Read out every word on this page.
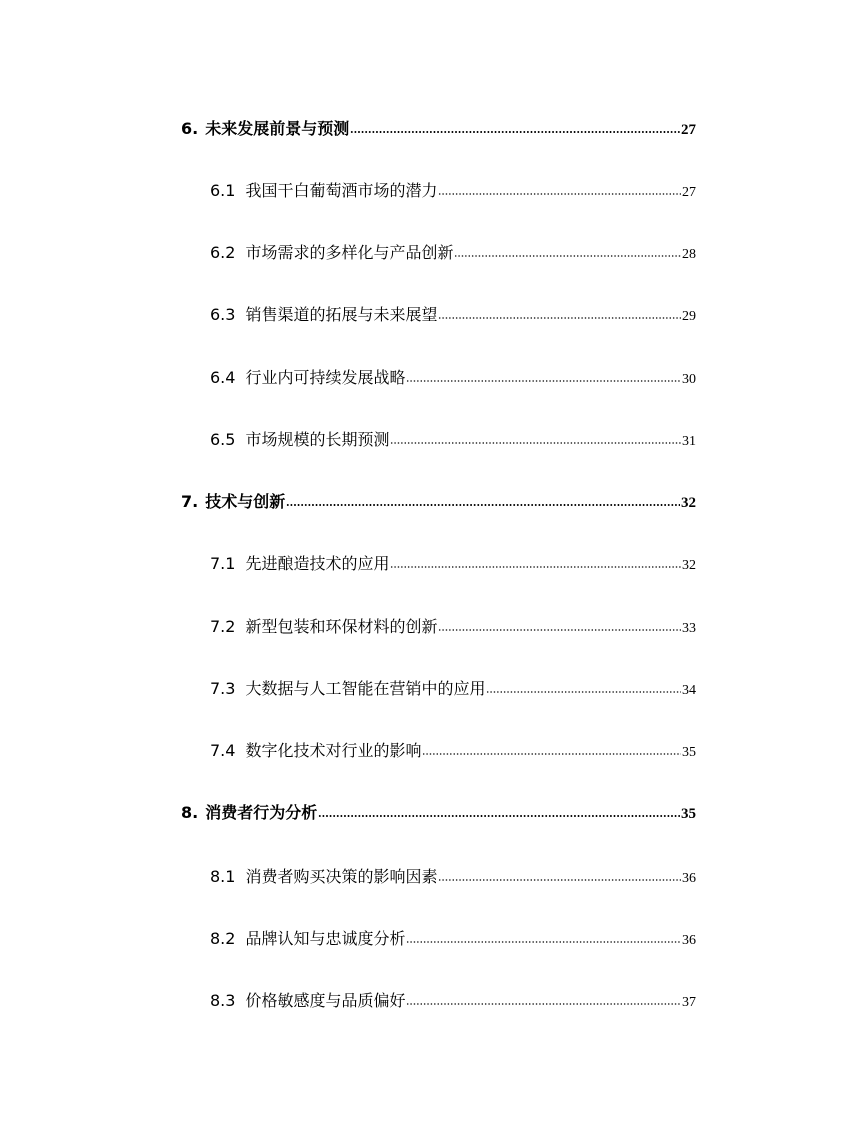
6. 未来发展前景与预测	27
6.1 我国干白葡萄酒市场的潜力	27
6.2 市场需求的多样化与产品创新	28
6.3 销售渠道的拓展与未来展望	29
6.4 行业内可持续发展战略	30
6.5 市场规模的长期预测	31
7. 技术与创新	32
7.1 先进酿造技术的应用	32
7.2 新型包装和环保材料的创新	33
7.3 大数据与人工智能在营销中的应用	34
7.4 数字化技术对行业的影响	35
8. 消费者行为分析	35
8.1 消费者购买决策的影响因素	36
8.2 品牌认知与忠诚度分析	36
8.3 价格敏感度与品质偏好	37
